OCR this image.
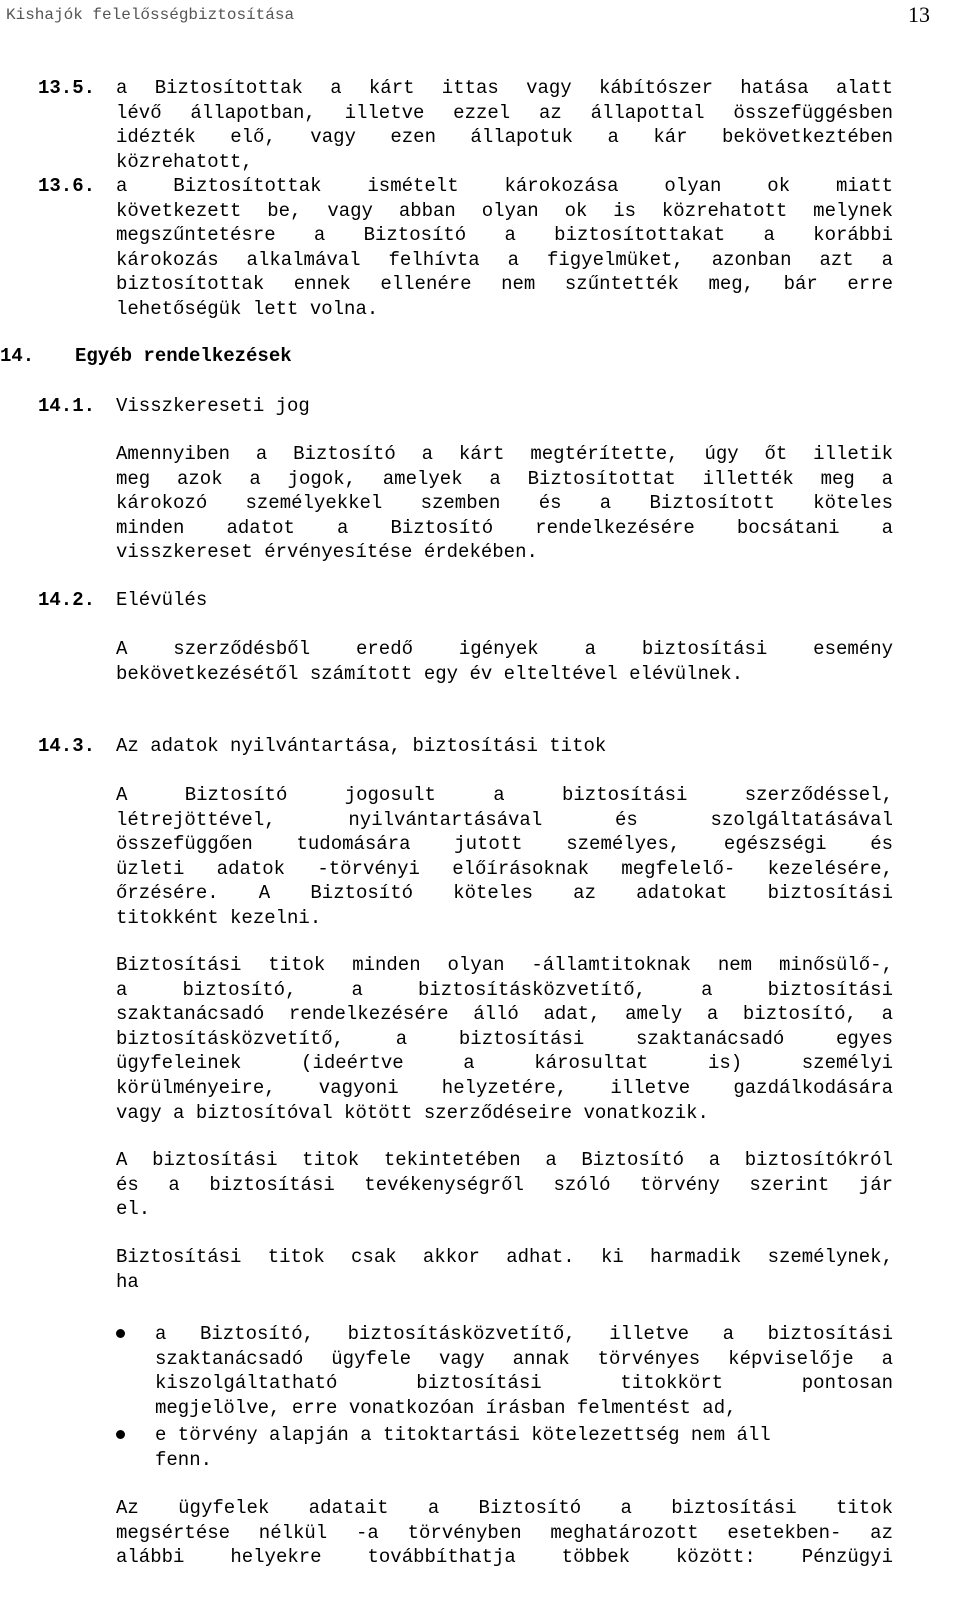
Kishajók felelősségbiztosítása	13
13.5. a Biztosítottak a kárt ittas vagy kábítószer hatása alatt
lévő állapotban, illetve ezzel az állapottal összefüggésben
idézték elő, vagy ezen állapotuk a kár bekövetkeztében
közrehatott,
13.6. a Biztosítottak ismételt károkozása olyan ok miatt
következett be, vagy abban olyan ok is közrehatott melynek
megszűntetésre a Biztosító a biztosítottakat a korábbi
károkozás alkalmával felhívta a figyelmüket, azonban azt a
biztosítottak ennek ellenére nem szűntették meg, bár erre
lehetőségük lett volna.
14. Egyéb rendelkezések
14.1. Visszkereseti jog
Amennyiben a Biztosító a kárt megtérítette, úgy őt illetik
meg azok a jogok, amelyek a Biztosítottat illették meg a
károkozó személyekkel szemben és a Biztosított köteles
minden adatot a Biztosító rendelkezésére bocsátani a
visszkereset érvényesítése érdekében.
14.2. Elévülés
A szerződésből eredő igények a biztosítási esemény
bekövetkezésétől számított egy év elteltével elévülnek.
14.3. Az adatok nyilvántartása, biztosítási titok
A Biztosító jogosult a biztosítási szerződéssel,
létrejöttével, nyilvántartásával és szolgáltatásával
összefüggően tudomására jutott személyes, egészségi és
üzleti adatok -törvényi előírásoknak megfelelő- kezelésére,
őrzésére. A Biztosító köteles az adatokat biztosítási
titokként kezelni.
Biztosítási titok minden olyan -államtitoknak nem minősülő-,
a biztosító, a biztosításközvetítő, a biztosítási
szaktanácsadó rendelkezésére álló adat, amely a biztosító, a
biztosításközvetítő, a biztosítási szaktanácsadó egyes
ügyfeleinek (ideértve a károsultat is) személyi
körülményeire, vagyoni helyzetére, illetve gazdálkodására
vagy a biztosítóval kötött szerződéseire vonatkozik.
A biztosítási titok tekintetében a Biztosító a biztosítókról
és a biztosítási tevékenységről szóló törvény szerint jár
el.
Biztosítási titok csak akkor adhat. ki harmadik személynek,
ha
a Biztosító, biztosításközvetítő, illetve a biztosítási
szaktanácsadó ügyfele vagy annak törvényes képviselője a
kiszolgáltatható biztosítási titokkört pontosan
megjelölve, erre vonatkozóan írásban felmentést ad,
e törvény alapján a titoktartási kötelezettség nem áll
fenn.
Az ügyfelek adatait a Biztosító a biztosítási titok
megsértése nélkül -a törvényben meghatározott esetekben- az
alábbi helyekre továbbíthatja többek között: Pénzügyi
